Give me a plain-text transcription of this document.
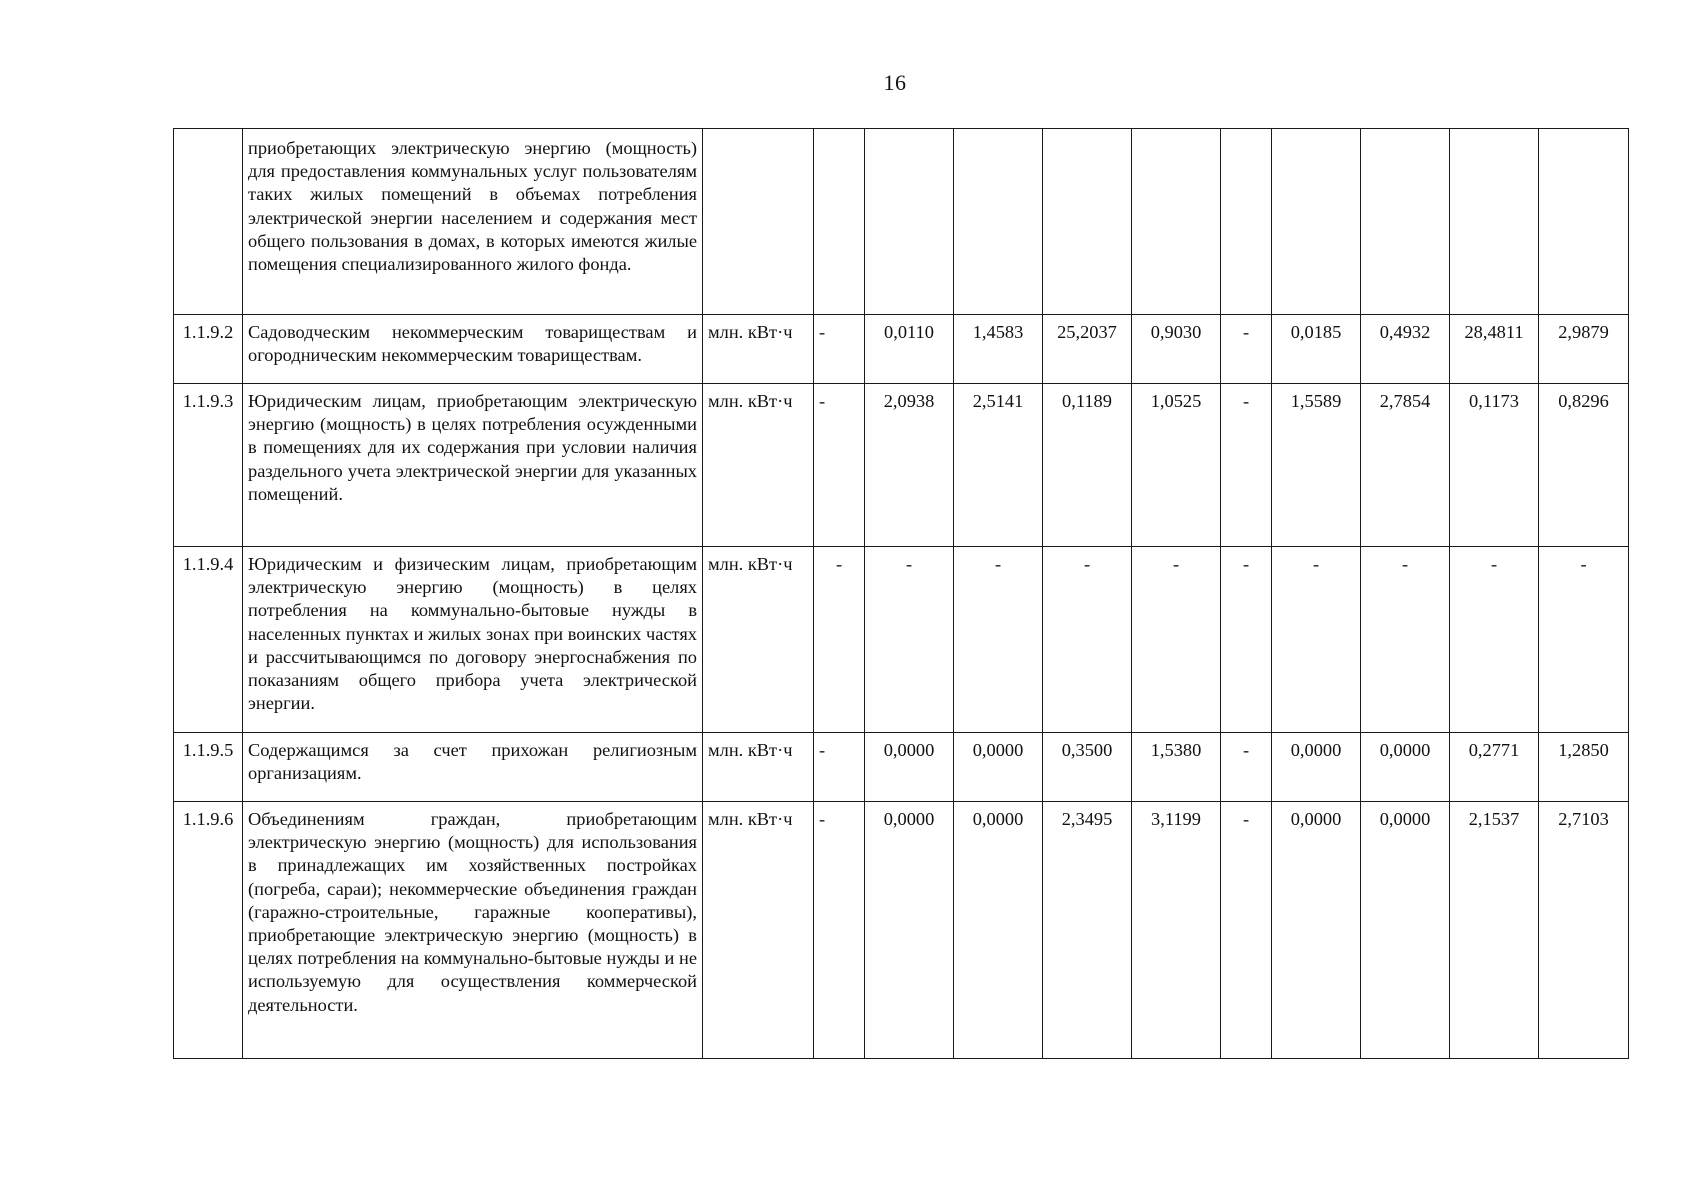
16
	приобретающих электрическую энергию (мощность) для предоставления коммунальных услуг пользователям таких жилых помещений в объемах потребления электрической энергии населением и содержания мест общего пользования в домах, в которых имеются жилые помещения специализированного жилого фонда.											
1.1.9.2	Садоводческим некоммерческим товариществам и огородническим некоммерческим товариществам.	млн. кВт·ч	-	0,0110	1,4583	25,2037	0,9030	-	0,0185	0,4932	28,4811	2,9879
1.1.9.3	Юридическим лицам, приобретающим электрическую энергию (мощность) в целях потребления осужденными в помещениях для их содержания при условии наличия раздельного учета электрической энергии для указанных помещений.	млн. кВт·ч	-	2,0938	2,5141	0,1189	1,0525	-	1,5589	2,7854	0,1173	0,8296
1.1.9.4	Юридическим и физическим лицам, приобретающим электрическую энергию (мощность) в целях потребления на коммунально-бытовые нужды в населенных пунктах и жилых зонах при воинских частях и рассчитывающимся по договору энергоснабжения по показаниям общего прибора учета электрической энергии.	млн. кВт·ч	-	-	-	-	-	-	-	-	-	-
1.1.9.5	Содержащимся за счет прихожан религиозным организациям.	млн. кВт·ч	-	0,0000	0,0000	0,3500	1,5380	-	0,0000	0,0000	0,2771	1,2850
1.1.9.6	Объединениям граждан, приобретающим электрическую энергию (мощность) для использования в принадлежащих им хозяйственных постройках (погреба, сараи); некоммерческие объединения граждан (гаражно-строительные, гаражные кооперативы), приобретающие электрическую энергию (мощность) в целях потребления на коммунально-бытовые нужды и не используемую для осуществления коммерческой деятельности.	млн. кВт·ч	-	0,0000	0,0000	2,3495	3,1199	-	0,0000	0,0000	2,1537	2,7103
